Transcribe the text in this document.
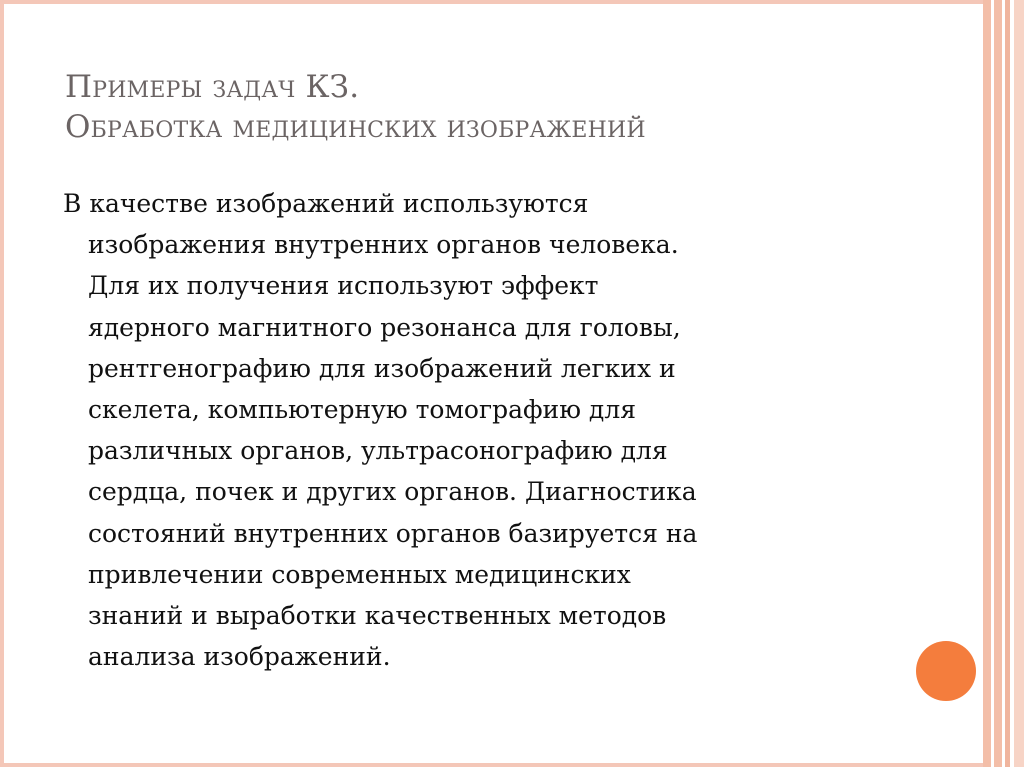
Примеры задач КЗ.
Обработка медицинских изображений
В качестве изображений используются
изображения внутренних органов человека.
Для их получения используют эффект
ядерного магнитного резонанса для головы,
рентгенографию для изображений легких и
скелета, компьютерную томографию для
различных органов, ультрасонографию для
сердца, почек и других органов. Диагностика
состояний внутренних органов базируется на
привлечении современных медицинских
знаний и выработки качественных методов
анализа изображений.
